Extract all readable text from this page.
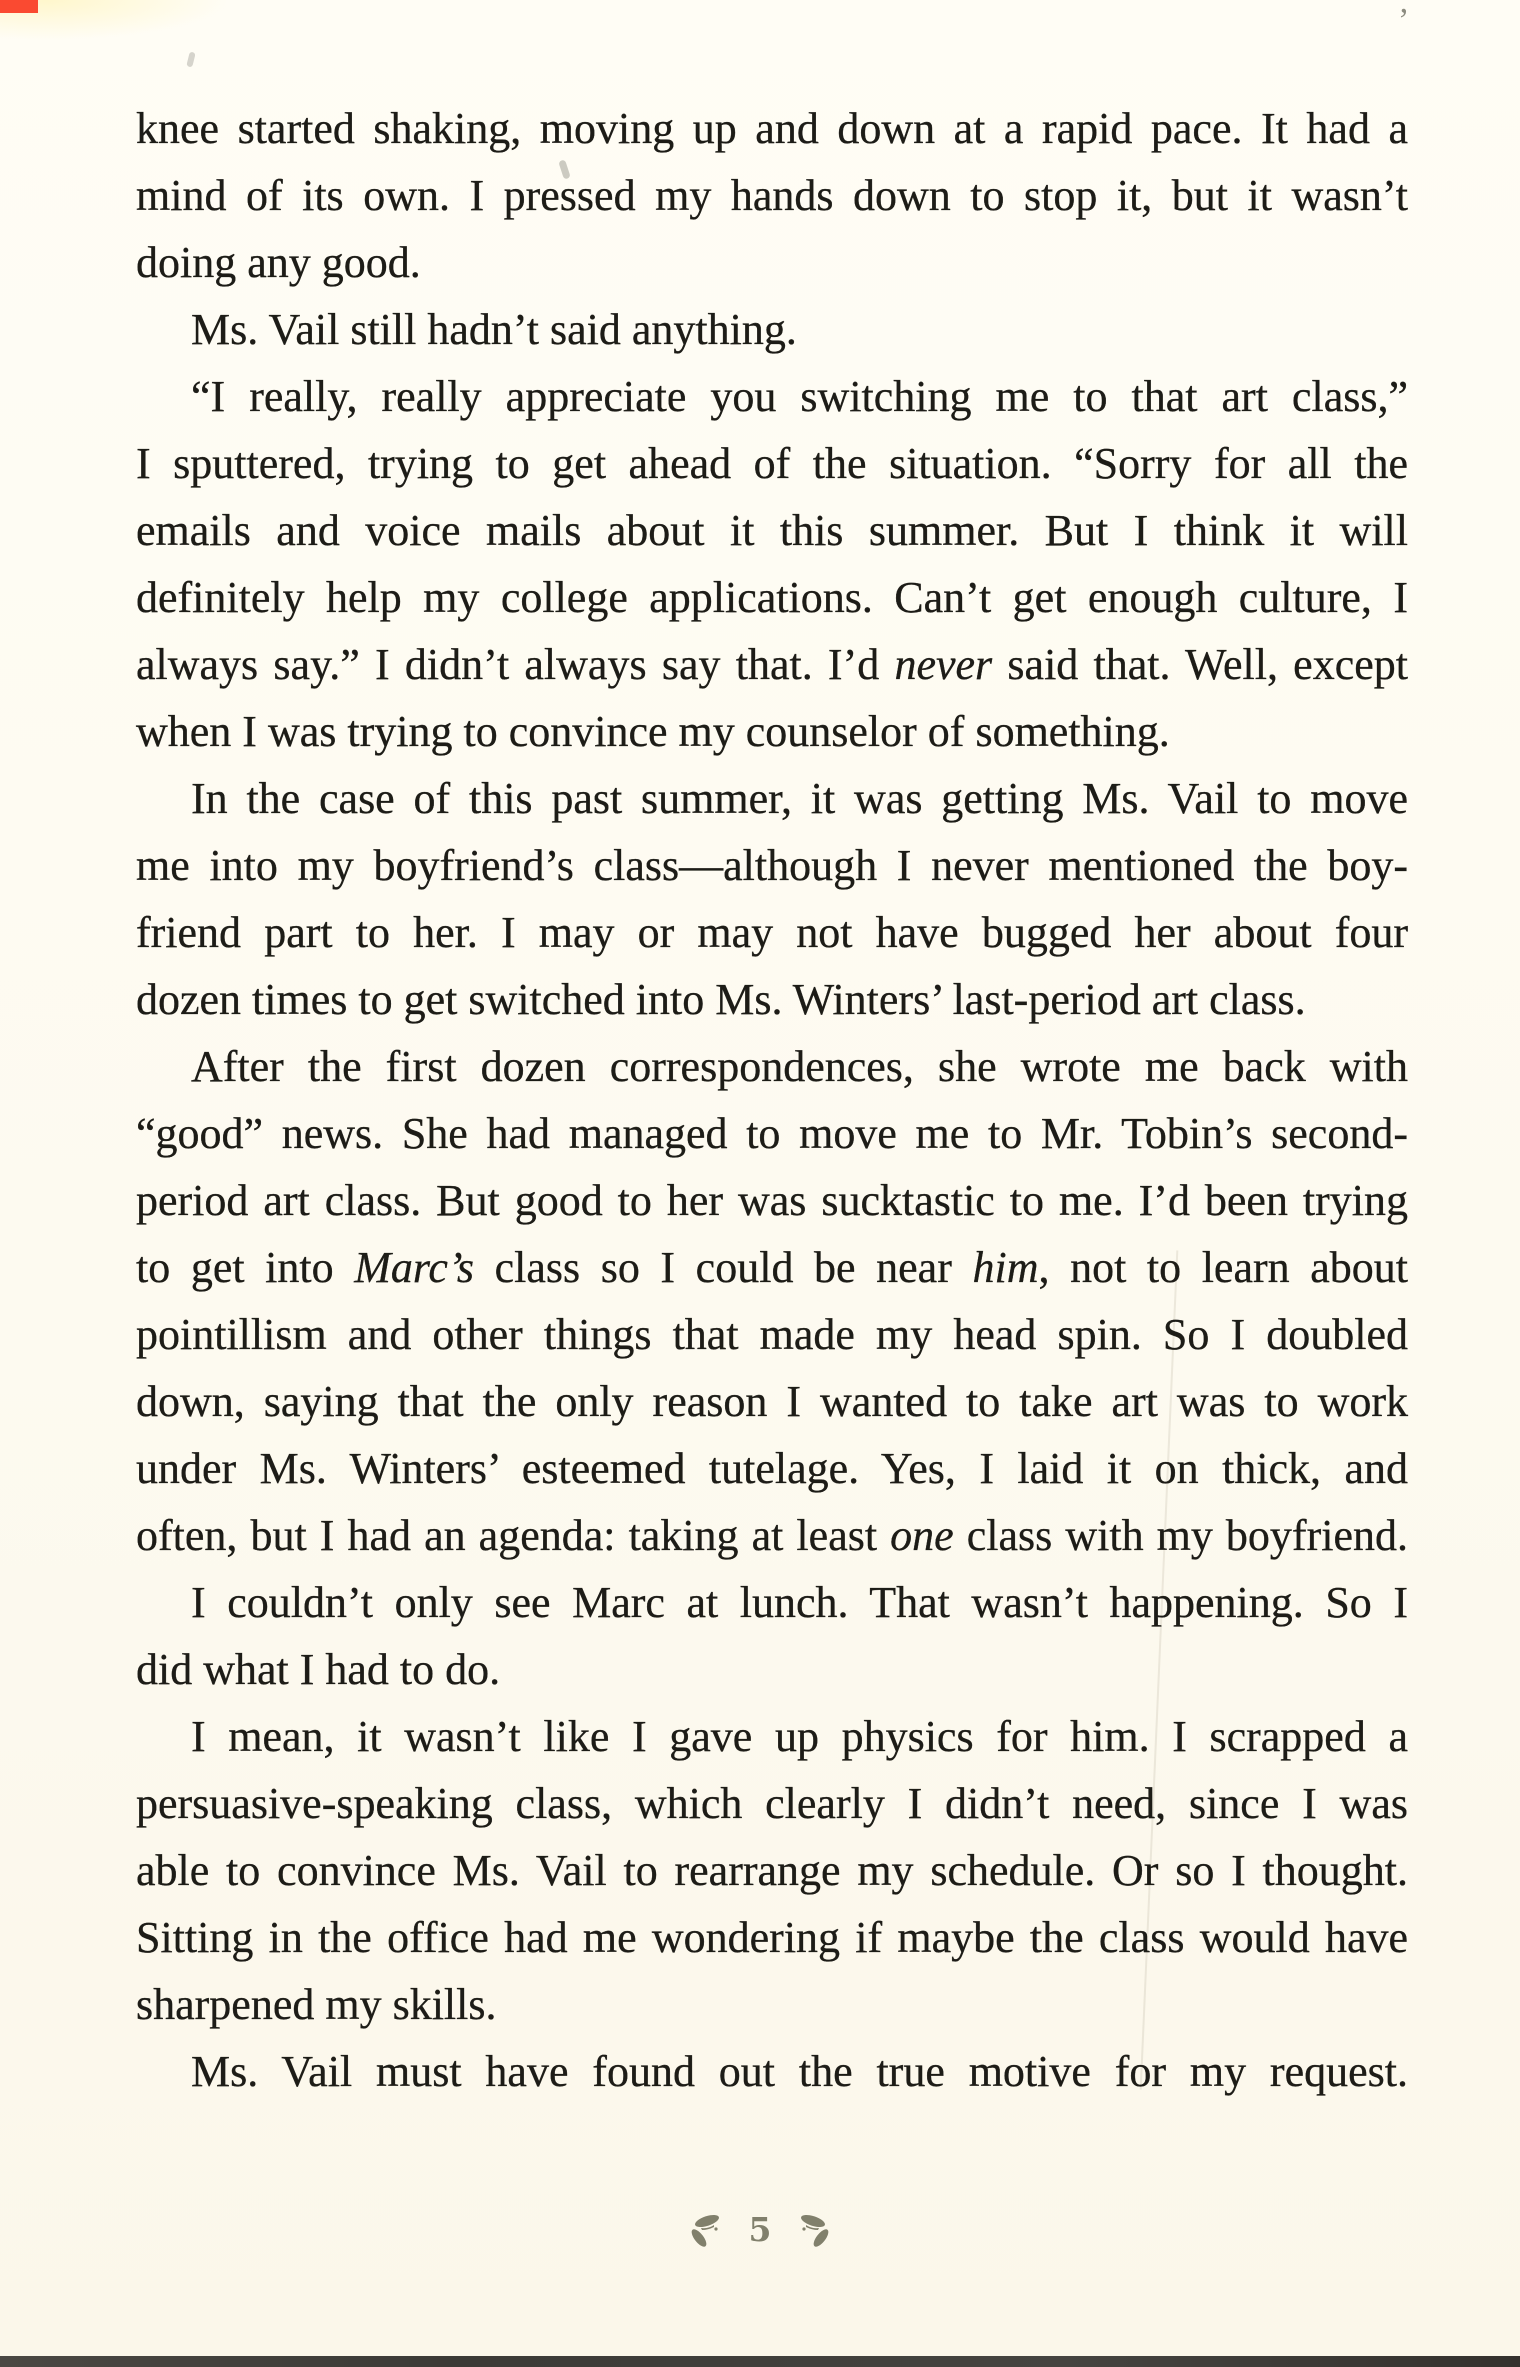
’
knee started shaking, moving up and down at a rapid pace. It had a
mind of its own. I pressed my hands down to stop it, but it wasn’t
doing any good.
Ms. Vail still hadn’t said anything.
“I really, really appreciate you switching me to that art class,”
I sputtered, trying to get ahead of the situation. “Sorry for all the
emails and voice mails about it this summer. But I think it will
definitely help my college applications. Can’t get enough culture, I
always say.” I didn’t always say that. I’d never said that. Well, except
when I was trying to convince my counselor of something.
In the case of this past summer, it was getting Ms. Vail to move
me into my boyfriend’s class—although I never mentioned the boy-
friend part to her. I may or may not have bugged her about four
dozen times to get switched into Ms. Winters’ last-period art class.
After the first dozen correspondences, she wrote me back with
“good” news. She had managed to move me to Mr. Tobin’s second-
period art class. But good to her was sucktastic to me. I’d been trying
to get into Marc’s class so I could be near him, not to learn about
pointillism and other things that made my head spin. So I doubled
down, saying that the only reason I wanted to take art was to work
under Ms. Winters’ esteemed tutelage. Yes, I laid it on thick, and
often, but I had an agenda: taking at least one class with my boyfriend.
I couldn’t only see Marc at lunch. That wasn’t happening. So I
did what I had to do.
I mean, it wasn’t like I gave up physics for him. I scrapped a
persuasive-speaking class, which clearly I didn’t need, since I was
able to convince Ms. Vail to rearrange my schedule. Or so I thought.
Sitting in the office had me wondering if maybe the class would have
sharpened my skills.
Ms. Vail must have found out the true motive for my request.
5
